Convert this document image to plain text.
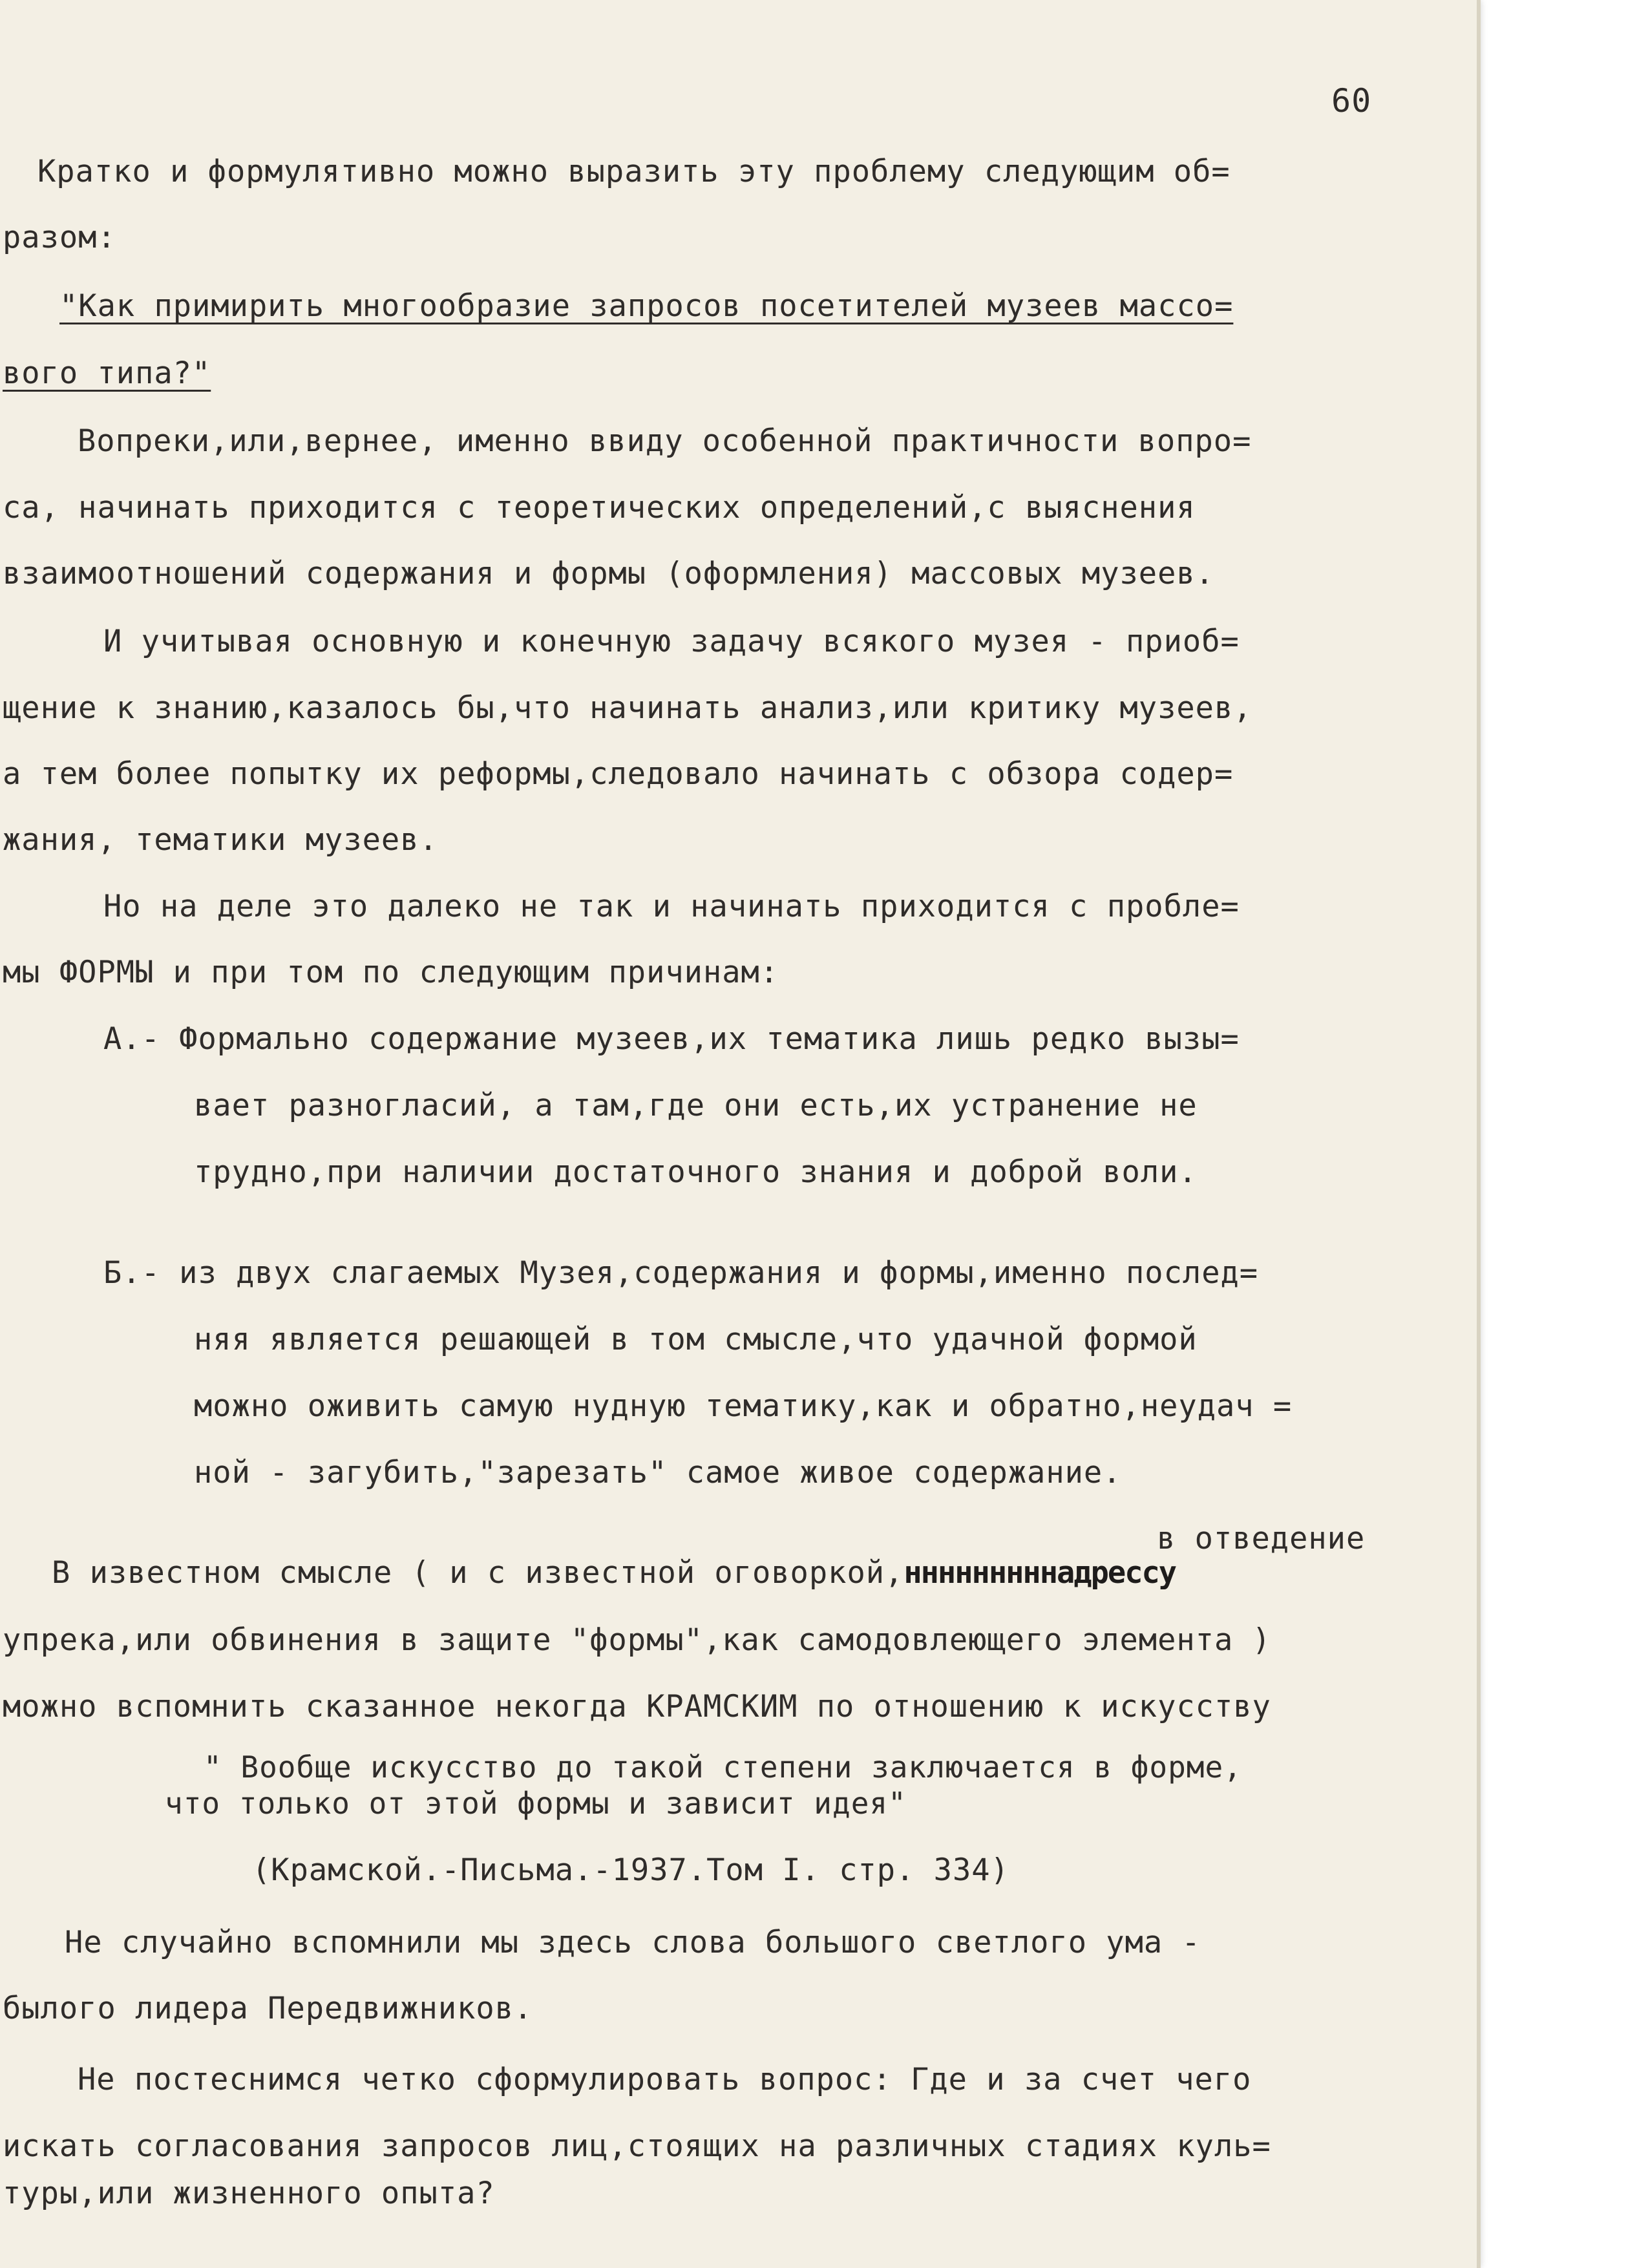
60
Кратко и формулятивно можно выразить эту проблему следующим об=
разом:
"Как примирить многообразие запросов посетителей музеев массо=
вого типа?"
Вопреки,или,вернее, именно ввиду особенной практичности вопро=
са, начинать приходится с теоретических определений,с выяснения
взаимоотношений содержания и формы (оформления) массовых музеев.
И учитывая основную и конечную задачу всякого музея - приоб=
щение к знанию,казалось бы,что начинать анализ,или критику музеев,
а тем более попытку их реформы,следовало начинать с обзора содер=
жания, тематики музеев.
Но на деле это далеко не так и начинать приходится с пробле=
мы ФОРМЫ и при том по следующим причинам:
А.- Формально содержание музеев,их тематика лишь редко вызы=
вает разногласий, а там,где они есть,их устранение не
трудно,при наличии достаточного знания и доброй воли.
Б.- из двух слагаемых Музея,содержания и формы,именно послед=
няя является решающей в том смысле,что удачной формой
можно оживить самую нудную тематику,как и обратно,неудач =
ной - загубить,"зарезать" самое живое содержание.
в отведение
В известном смысле ( и с известной оговоркой,нннннннннадрессу
упрека,или обвинения в защите "формы",как самодовлеющего элемента )
можно вспомнить сказанное некогда КРАМСКИМ по отношению к искусству
" Вообще искусство до такой степени заключается в форме,
что только от этой формы и зависит идея"
(Крамской.-Письма.-1937.Том I. стр. 334)
Не случайно вспомнили мы здесь слова большого светлого ума -
былого лидера Передвижников.
Не постеснимся четко сформулировать вопрос: Где и за счет чего
искать согласования запросов лиц,стоящих на различных стадиях куль=
туры,или жизненного опыта?
